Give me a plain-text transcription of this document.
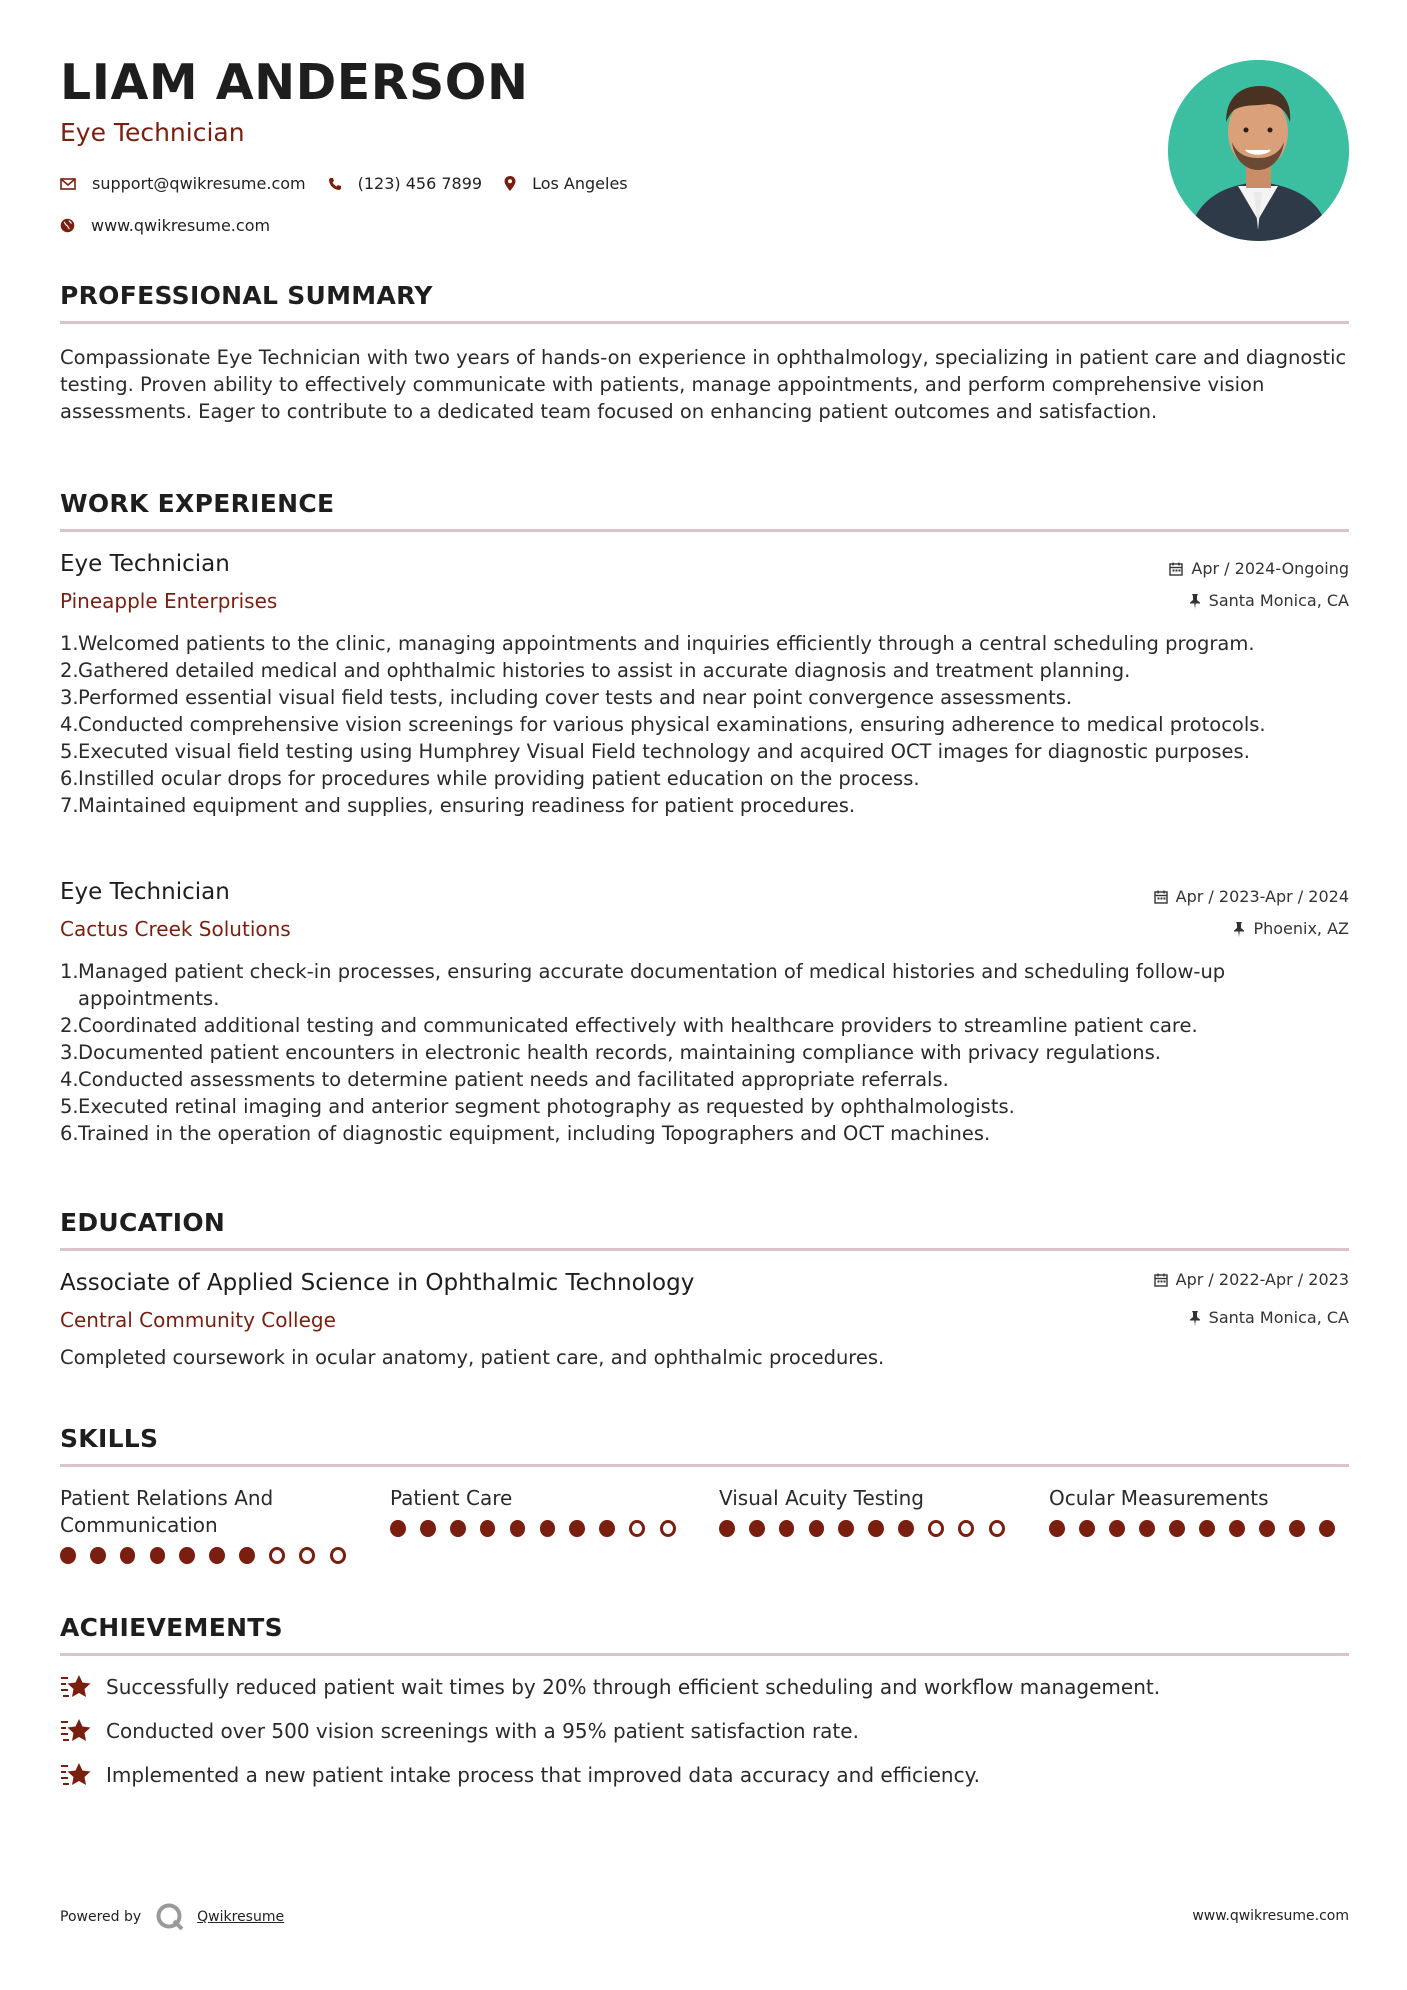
LIAM ANDERSON
Eye Technician
support@qwikresume.com	(123) 456 7899	Los Angeles
www.qwikresume.com
PROFESSIONAL SUMMARY
Compassionate Eye Technician with two years of hands-on experience in ophthalmology, specializing in patient care and diagnostic testing. Proven ability to effectively communicate with patients, manage appointments, and perform comprehensive vision assessments. Eager to contribute to a dedicated team focused on enhancing patient outcomes and satisfaction.
WORK EXPERIENCE
Eye Technician	Apr / 2024-Ongoing
Pineapple Enterprises	Santa Monica, CA
Welcomed patients to the clinic, managing appointments and inquiries efficiently through a central scheduling program.
Gathered detailed medical and ophthalmic histories to assist in accurate diagnosis and treatment planning.
Performed essential visual field tests, including cover tests and near point convergence assessments.
Conducted comprehensive vision screenings for various physical examinations, ensuring adherence to medical protocols.
Executed visual field testing using Humphrey Visual Field technology and acquired OCT images for diagnostic purposes.
Instilled ocular drops for procedures while providing patient education on the process.
Maintained equipment and supplies, ensuring readiness for patient procedures.
Eye Technician	Apr / 2023-Apr / 2024
Cactus Creek Solutions	Phoenix, AZ
Managed patient check-in processes, ensuring accurate documentation of medical histories and scheduling follow-up appointments.
Coordinated additional testing and communicated effectively with healthcare providers to streamline patient care.
Documented patient encounters in electronic health records, maintaining compliance with privacy regulations.
Conducted assessments to determine patient needs and facilitated appropriate referrals.
Executed retinal imaging and anterior segment photography as requested by ophthalmologists.
Trained in the operation of diagnostic equipment, including Topographers and OCT machines.
EDUCATION
Associate of Applied Science in Ophthalmic Technology	Apr / 2022-Apr / 2023
Central Community College	Santa Monica, CA
Completed coursework in ocular anatomy, patient care, and ophthalmic procedures.
SKILLS
Patient Relations And Communication
Patient Care	Visual Acuity Testing	Ocular Measurements
ACHIEVEMENTS
Successfully reduced patient wait times by 20% through efficient scheduling and workflow management.
Conducted over 500 vision screenings with a 95% patient satisfaction rate.
Implemented a new patient intake process that improved data accuracy and efficiency.
Powered by	Qwikresume	www.qwikresume.com
